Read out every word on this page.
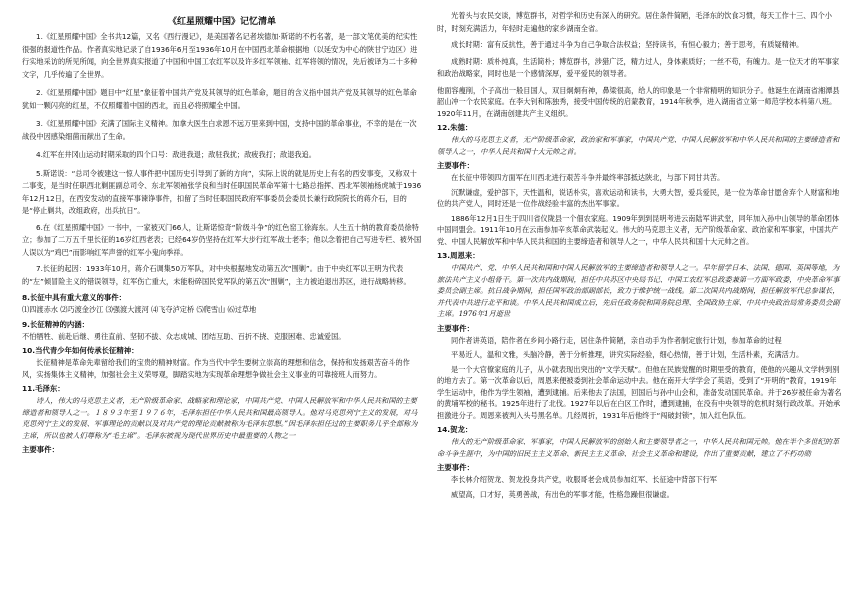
《红星照耀中国》记忆清单

1.《红星照耀中国》全书共12篇，又名《西行漫记》，是美国著名记者埃德加·斯诺的不朽名著，是一部文笔优美的纪实性很强的报道性作品。作者真实地记录了自1936年6月至1936年10月在中国西北革命根据地（以延安为中心的陕甘宁边区）进行实地采访的所见所闻，向全世界真实报道了中国和中国工农红军以及许多红军领袖、红军将领的情况，先后被译为二十多种文字，几乎传遍了全世界。

2.《红星照耀中国》题目中“红星”象征着中国共产党及其领导的红色革命，题目的含义指中国共产党及其领导的红色革命犹如一颗闪亮的红星，不仅照耀着中国的西北，而且必将照耀全中国。

3.《红星照耀中国》充满了国际主义精神。加拿大医生白求恩不远万里来到中国，支持中国的革命事业，不幸的是在一次战役中因感染细菌而献出了生命。

4.红军在井冈山运动时期采取的四个口号：敌进我退；敌驻我扰；敌疲我打；敌退我追。

5.斯诺说：“总司令被建这一惊人事件把中国历史引导到了新的方向”，实际上说的就是历史上有名的西安事变，又称双十二事变，是当时任职西北剿匪副总司令、东北军领袖张学良和当时任职国民革命军第十七路总指挥、西北军领袖杨虎城于1936年12月12日，在西安发动的直接军事谏诤事件，扣留了当时任职国民政府军事委员会委员长兼行政院院长的蒋介石，目的是“停止剿共，改组政府，出兵抗日”。

6.在《红星照耀中国》一书中，一家被灭门66人，让斯诺惊奇“阶级斗争”的红色窑工徐海东。人生五十纳的教育委员徐特立；参加了二万五千里长征的16岁红西老表；已经64岁仍坚持在红军大步行红军战士老李；他以念着把自己写进专栏、被外国人误以为“鸡巴”而影响红军声誉的红军小鬼向季祥。

7.长征的起因：1933年10月，蒋介石调集50万军队，对中央根据地发动第五次“围剿”。由于中央红军以王明为代表的“左”倾冒险主义的错误领导，红军伤亡重大，未能粉碎国民党军队的第五次“围剿”，主力被迫退出苏区，进行战略转移。

8.长征中具有重大意义的事件：

⑴四渡赤水 ⑵巧渡金沙江 ⑶强渡大渡河 ⑷飞夺泸定桥 ⑸爬雪山 ⑹过草地

9.长征精神的内涵：

不怕牺牲、前赴后继、勇往直前、坚韧不拔、众志成城、团结互助、百折不挠、克服困难、忠诚爱国。

10.当代青少年如何传承长征精神：

长征精神是革命先辈留给我们的宝贵的精神财富。作为当代中学生要树立崇高的理想和信念，保持和发扬艰苦奋斗的作风，实扬集体主义精神，加强社会主义荣辱观，脚踏实地为实现革命理想争做社会主义事业的可靠接班人而努力。

11.毛泽东：

诗人，伟大的马克思主义者，无产阶级革命家、战略家和理论家，中国共产党、中国人民解放军和中华人民共和国的主要缔造者和领导人之一。１８９３年至１９７６年，毛泽东担任中华人民共和国最高领导人。他对马克思列宁主义的发展，对马克思列宁主义的发展、军事理论的贡献以及对共产党的理论贡献被称为毛泽东思想。”因毛泽东担任过的主要职务几乎全部称为主席，所以也被人们尊称为“毛主席”。毛泽东被视为现代世界历史中最重要的人物之一

主要事件：

光着头与农民交谈，博览群书，对哲学和历史有深入的研究。居住条件简陋，毛泽东的饮食习惯，每天工作十三、四个小时，时刻充满活力，年轻时走遍他的家乡湖南全省。

成长时期：富有反抗性，善于通过斗争为自己争取合法权益；坚持读书，有恒心毅力；善于思考，有质疑精神。

成熟时期：质朴纯真，生活简朴；博览群书，涉猎广泛，精力过人，身体素质好；一丝不苟，有魄力。是一位天才的军事家和政治战略家，同时也是一个感情深厚，爱平爱民的领导者。

他面容瘦削，个子高出一般目国人，双目炯炯有神，鼻梁很高，给人的印象是一个非常精明的知识分子。他诞生在湖南省湘潭县韶山冲一个农民家庭。在李大钊和陈独秀，接受中国传统的启蒙教育，1914年秋季，进入湖南省立第一师范学校本科第八班。1920年11月，在湖南创建共产主义组织。

12.朱德：

伟大的马克思主义者，无产阶级革命家，政治家和军事家，中国共产党、中国人民解放军和中华人民共和国的主要缔造者和领导人之一，中华人民共和国十大元帅之首。

主要事件：

在长征中带领四方面军在川西北进行艰苦斗争并最终率部抵达陕北，与部下同甘共苦。

沉默谦虚，爱护部下，天性温和，说话朴实，喜欢运动和读书，大勇大智，爱兵爱民，是一位为革命甘愿舍弃个人财富和地位的共产党人，同时还是一位作战经验丰富的杰出军事家。

1886年12月1日生于四川省仪陇县一个佃农家庭。1909年到到昆明考进云南陆军讲武堂，同年加入孙中山领导的革命团体中国同盟会。1911年10月在云南参加辛亥革命武装起义。伟大的马克思主义者，无产阶级革命家、政治家和军事家，中国共产党、中国人民解放军和中华人民共和国的主要缔造者和领导人之一，中华人民共和国十大元帅之首。

13.周恩来：

中国共产、党、中华人民共和国和中国人民解放军的主要缔造者和领导人之一。早年留学日本、法国、德国、英国等地，为旅法共产主义小组骨干。第一次共内战期间，担任中共苏区中央局书记、中国工农红军总政委兼第一方面军政委，中央革命军事委员会副主席。抗日战争期间，担任国军政治部副部长，致力于维护统一战线。第二次国共内战期间，担任解放军代总参谋长，并代表中共进行北平和谈。中华人民共和国成立后，先后任政务院和国务院总理、全国政协主席、中共中央政治局常务委员会副主席。1976年1月逝世

主要事件：

同作者讲英语，陪作者在乡间小路行走，居住条件简陋，亲自动手为作者制定旅行计划，参加革命的过程

平易近人，温和文雅，头脑冷静，善于分析推理，讲究实际经验，细心热情，善于计划，生活朴素，充满活力。

是一个大官僚家庭的儿子，从小就表现出突出的“文学天赋”。但他在民族觉醒的时期里受的教育，使他的兴趣从文学转到别的地方去了。第一次革命以后，周恩来便被委到社会革命运动中去。他在南开大学学会了英语，受到了“开明的”教育，1919年学生运动中，他作为学生领袖，遭到逮捕。后来他去了法国，回国后与孙中山会和，准备发动国民革命。并于26岁被任命为著名的黄埔军校的秘书。1925年进行了北伐。1927年以后在白区工作时，遭到逮捕，在没有中央领导的危机时刻行政改革。开始承担激进分子。周恩来被判入头号黑名单。几经周折，1931年后他终于“闯破封锁”，加入红色队伍。

14.贺龙：

伟大的无产阶级革命家、军事家，中国人民解放军的创始人和主要领导者之一，中华人民共和国元帅。他在半个多世纪的革命斗争生涯中，为中国的旧民主主义革命、新民主主义革命、社会主义革命和建设，作出了重要贡献，建立了不朽功勋

主要事件：

李长林介绍贺龙、贺龙投身共产党，收服哥老会成员参加红军、长征途中背部下行军

威望高，口才好，英勇善战，有出色的军事才能，性格急躁但很谦虚。
